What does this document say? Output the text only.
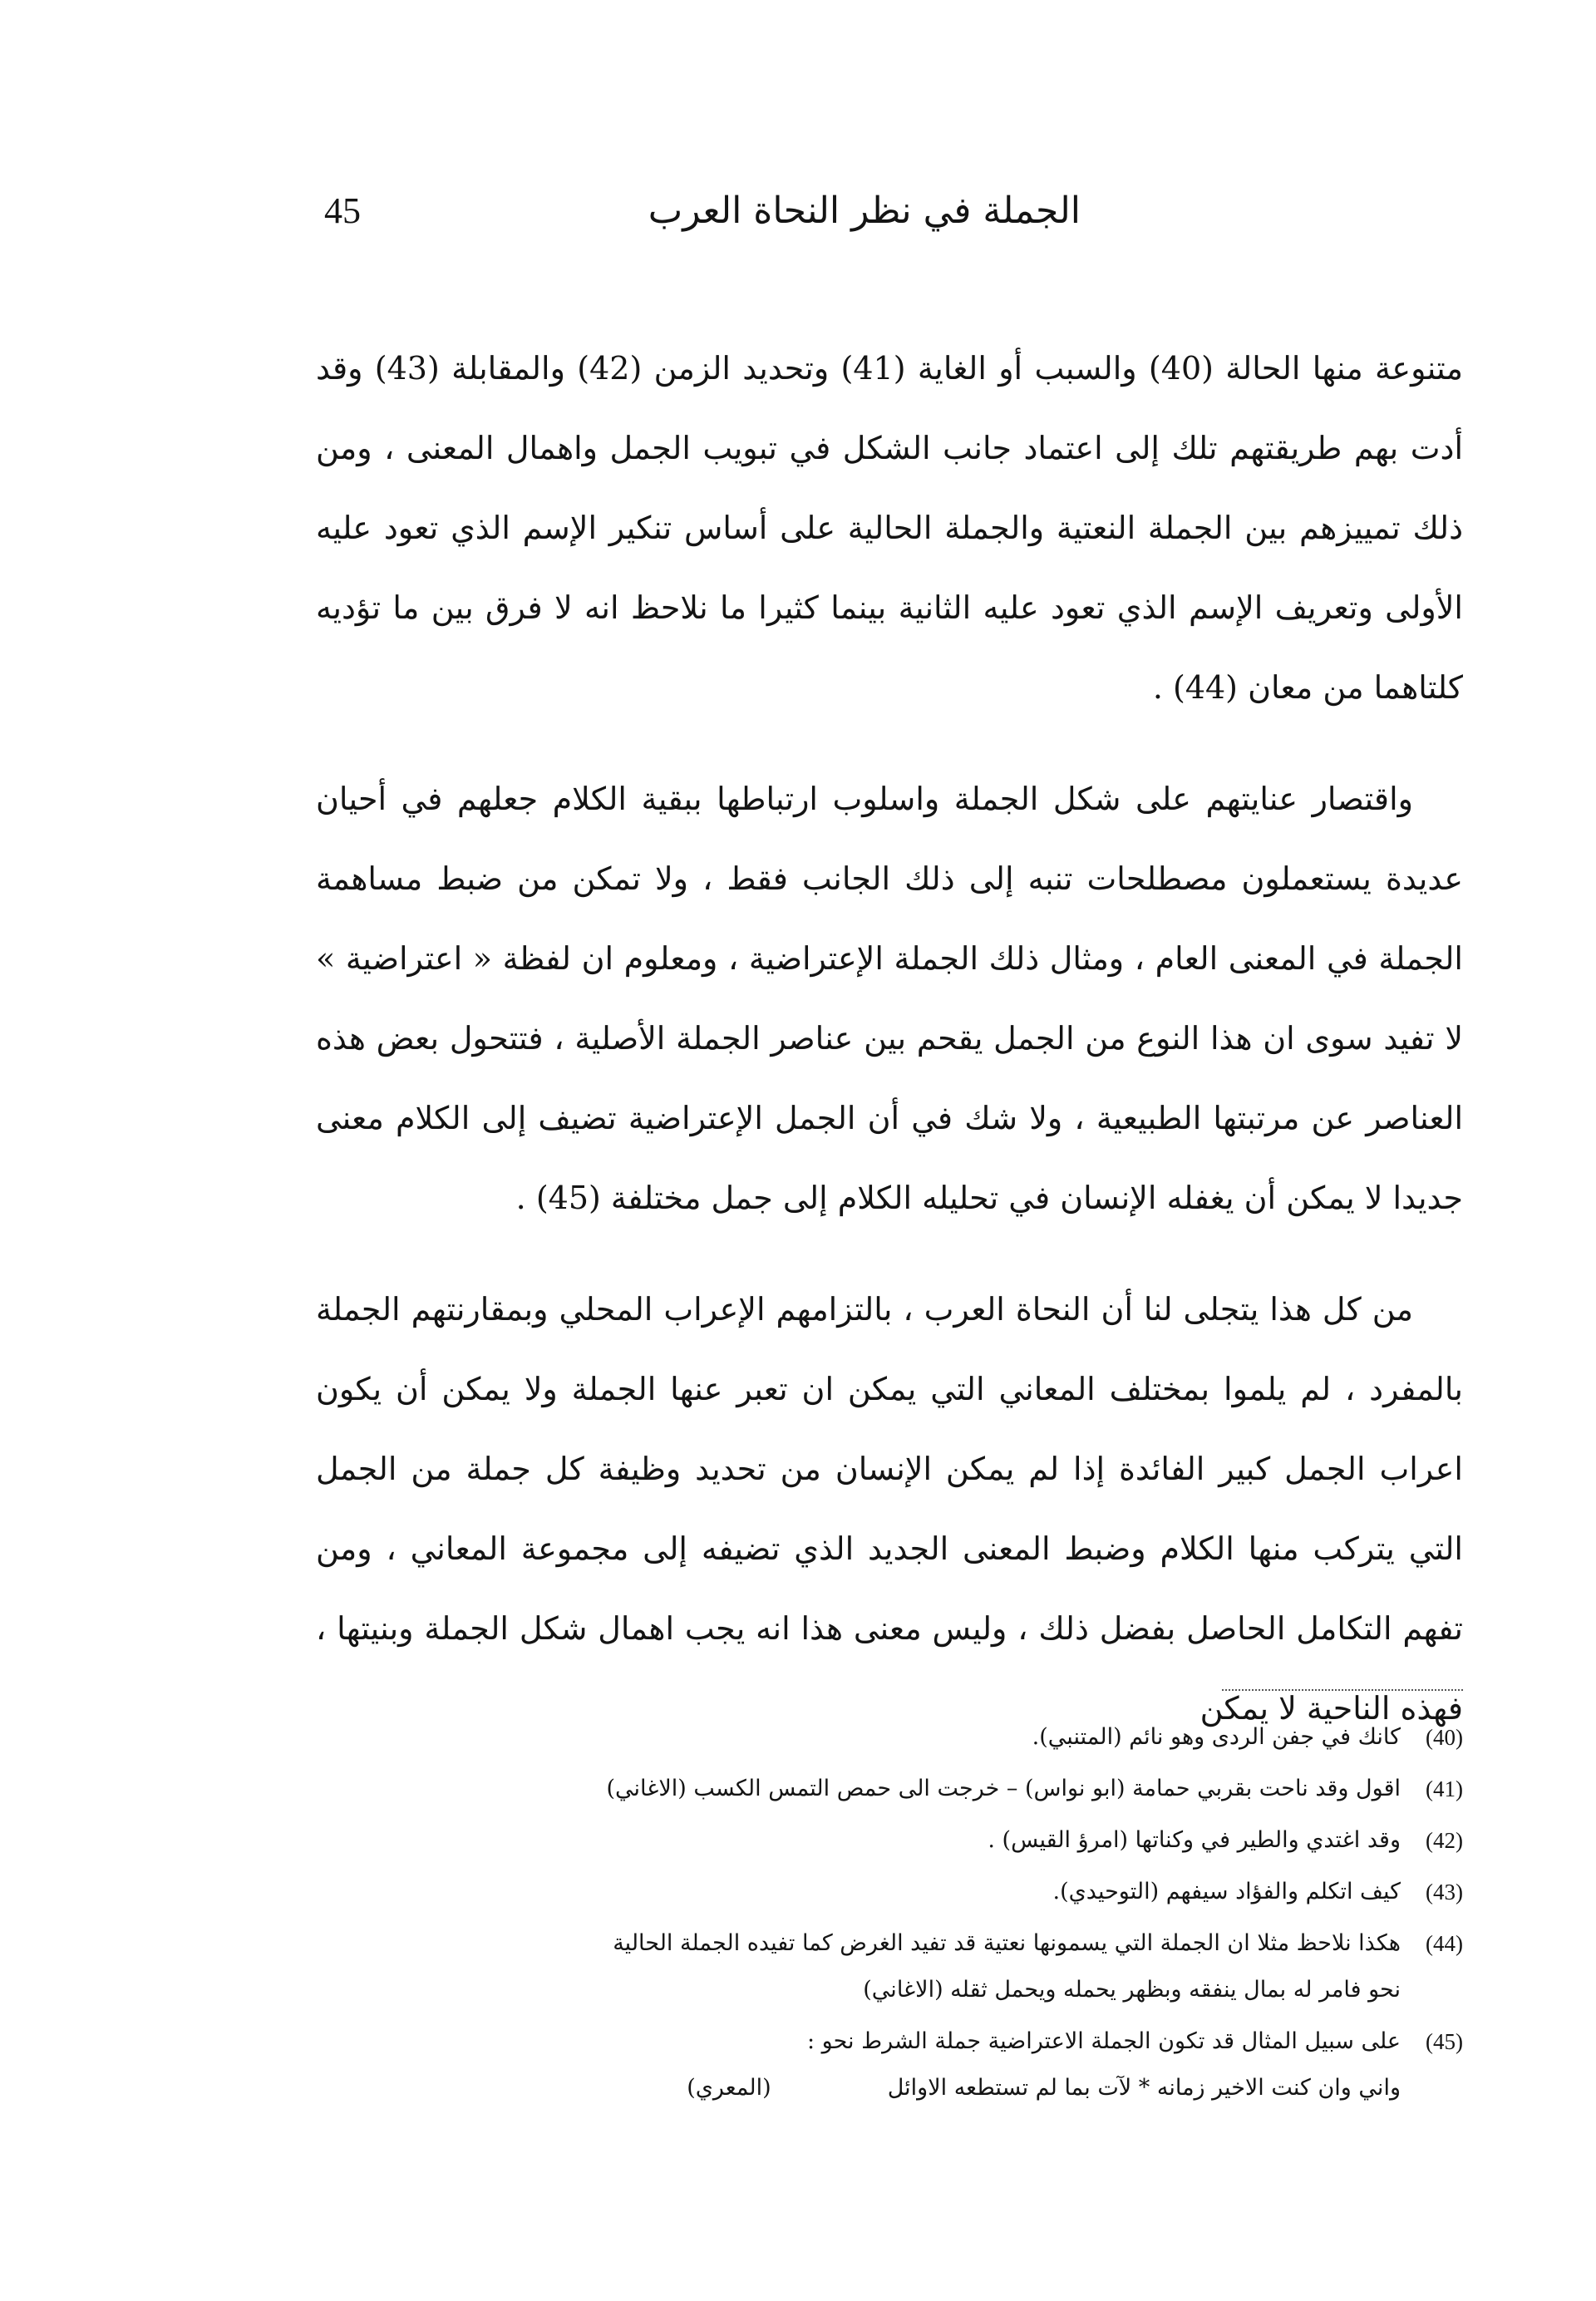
45	الجملة في نظر النحاة العرب

متنوعة منها الحالة (40) والسبب أو الغاية (41) وتحديد الزمن (42) والمقابلة (43) وقد أدت بهم طريقتهم تلك إلى اعتماد جانب الشكل في تبويب الجمل واهمال المعنى ، ومن ذلك تمييزهم بين الجملة النعتية والجملة الحالية على أساس تنكير الإسم الذي تعود عليه الأولى وتعريف الإسم الذي تعود عليه الثانية بينما كثيرا ما نلاحظ انه لا فرق بين ما تؤديه كلتاهما من معان (44) .

واقتصار عنايتهم على شكل الجملة واسلوب ارتباطها ببقية الكلام جعلهم في أحيان عديدة يستعملون مصطلحات تنبه إلى ذلك الجانب فقط ، ولا تمكن من ضبط مساهمة الجملة في المعنى العام ، ومثال ذلك الجملة الإعتراضية ، ومعلوم ان لفظة « اعتراضية » لا تفيد سوى ان هذا النوع من الجمل يقحم بين عناصر الجملة الأصلية ، فتتحول بعض هذه العناصر عن مرتبتها الطبيعية ، ولا شك في أن الجمل الإعتراضية تضيف إلى الكلام معنى جديدا لا يمكن أن يغفله الإنسان في تحليله الكلام إلى جمل مختلفة (45) .

من كل هذا يتجلى لنا أن النحاة العرب ، بالتزامهم الإعراب المحلي وبمقارنتهم الجملة بالمفرد ، لم يلموا بمختلف المعاني التي يمكن ان تعبر عنها الجملة ولا يمكن أن يكون اعراب الجمل كبير الفائدة إذا لم يمكن الإنسان من تحديد وظيفة كل جملة من الجمل التي يتركب منها الكلام وضبط المعنى الجديد الذي تضيفه إلى مجموعة المعاني ، ومن تفهم التكامل الحاصل بفضل ذلك ، وليس معنى هذا انه يجب اهمال شكل الجملة وبنيتها ، فهذه الناحية لا يمكن

(40)
كانك في جفن الردى وهو نائم (المتنبي).
(41)
اقول وقد ناحت بقربي حمامة (ابو نواس) – خرجت الى حمص التمس الكسب (الاغاني)
(42)
وقد اغتدي والطير في وكناتها (امرؤ القيس) .
(43)
كيف اتكلم والفؤاد سيفهم (التوحيدي).
(44)
هكذا نلاحظ مثلا ان الجملة التي يسمونها نعتية قد تفيد الغرض كما تفيده الجملة الحالية
نحو فامر له بمال ينفقه وبظهر يحمله ويحمل ثقله (الاغاني)
(45)
على سبيل المثال قد تكون الجملة الاعتراضية جملة الشرط نحو :
واني وان كنت الاخير زمانه * لآت بما لم تستطعه الاوائل
(المعري)
